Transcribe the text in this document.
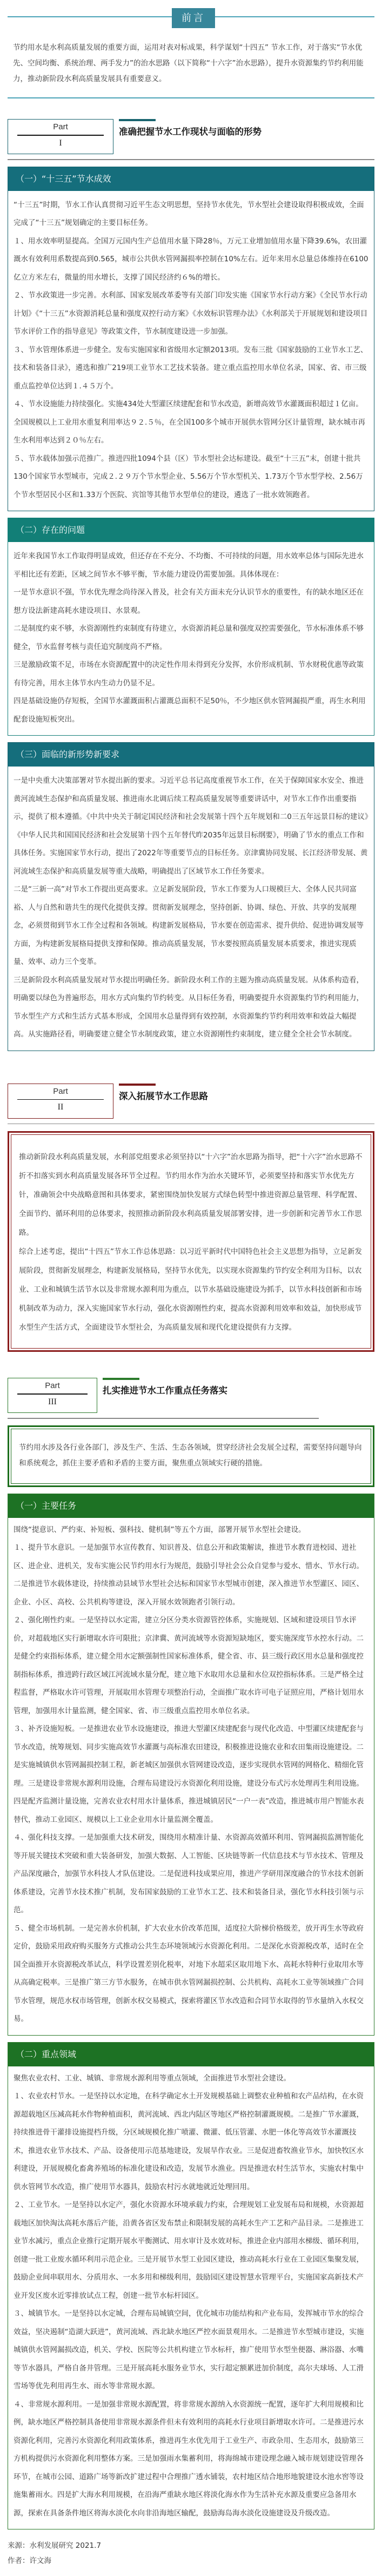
前言
节约用水是水利高质量发展的重要方面，运用对表对标成果，科学谋划“十四五” 节水工作，对于落实“节水优先、空间均衡、系统治理、两手发力”的治水思路（以下简称“十六字”治水思路），提升水资源集约节约利用能力，推动新阶段水利高质量发展具有重要意义。
Part
I
准确把握节水工作现状与面临的形势
（一）“十三五”节水成效

“十三五”时期，节水工作认真贯彻习近平生态文明思想，坚持节水优先，节水型社会建设取得积极成效，全面完成了“十三五”规划确定的主要目标任务。

１、用水效率明显提高。全国万元国内生产总值用水量下降28％，万元工业增加值用水量下降39.6%，农田灌溉水有效利用系数提高到0.565，城市公共供水管网漏损率控制在10%左右。近年来用水总量总体维持在6100亿立方米左右，微量的用水增长，支撑了国民经济约６%的增长。

２、节水政策进一步完善。水利部、国家发展改革委等有关部门印发实施《国家节水行动方案》《全民节水行动计划》《“十三五”水资源消耗总量和强度双控行动方案》《水效标识管理办法》《水利部关于开展规划和建设项目节水评价工作的指导意见》等政策文件，节水制度建设进一步加强。

３、节水管理体系进一步健全。发布实施国家和省级用水定额2013项。发布三批《国家鼓励的工业节水工艺、技术和装备目录》，遴选和推广219项工业节水工艺技术装备。建立重点监控用水单位名录，国家、省、市三级重点监控单位达到１.４５万个。

４、节水设施能力持续强化。实施434处大型灌区续建配套和节水改造，新增高效节水灌溉面积超过１亿亩。全国规模以上工业用水重复利用率达９２.５％，在全国100多个城市开展供水管网分区计量管理，缺水城市再生水利用率达到２０％左右。

５、节水载体加强示范推广。推进四批1094个县（区）节水型社会达标建设。截至“十三五”末，创建十批共130个国家节水型城市，完成２.２９万个节水型企业、5.56万个节水型机关、1.73万个节水型学校、2.56万个节水型居民小区和1.33万个医院、宾馆等其他节水型单位的建设，遴选了一批水效领跑者。

（二）存在的问题

近年来我国节水工作取得明显成效，但还存在不充分、不均衡、不可持续的问题，用水效率总体与国际先进水平相比还有差距，区域之间节水不够平衡，节水能力建设仍需要加强。具体体现在：

一是节水意识不强，节水优先理念尚待深入普及，社会有关方面未充分认识节水的重要性，有的缺水地区还在想方设法新建高耗水建设项目、水景观。

二是制度约束不够，水资源刚性约束制度有待建立，水资源消耗总量和强度双控需要强化，节水标准体系不够健全，节水监督考核与责任追究制度尚不严格。

三是激励政策不足，市场在水资源配置中的决定性作用未得到充分发挥，水价形成机制、节水财税优惠等政策有待完善，用水主体节水内生动力仍显不足。

四是基础设施仍存短板，全国节水灌溉面积占灌溉总面积不足50％，不少地区供水管网漏损严重，再生水利用配套设施短板突出。

（三）面临的新形势新要求

一是中央重大决策部署对节水提出新的要求。习近平总书记高度重视节水工作，在关于保障国家水安全、推进黄河流域生态保护和高质量发展、推进南水北调后续工程高质量发展等重要讲话中，对节水工作作出重要指示，提供了根本遵循。《中共中央关于制定国民经济和社会发展第十四个五年规划和二0三五年远景目标的建议》《中华人民共和国国民经济和社会发展第十四个五年替代昨2035年远景目标纲要》，明确了节水的重点工作和具体任务。实施国家节水行动，提出了2022年等重要节点的目标任务。京津冀协同发展、长江经济带发展、黄河流域生态保护和高质量发展等重大战略，明确提出了区域节水工作任务要求。

二是“三新一高”对节水工作提出更高要求。立足新发展阶段，节水工作要为人口规模巨大、全体人民共同富裕、人与自然和谐共生的现代化提供支撑。贯彻新发展理念，坚持创新、协调、绿色、开放、共享的发展理念，必须贯彻到节水工作全过程和各领域。构建新发展格局，节水要在创造需求、提升供给、促进协调发展等方面，为构建新发展格局提供支撑和保障。推动高质量发展，节水要按照高质量发展本质要求，推进实现质量、效率、动力三个变革。

三是新阶段水利高质量发展对节水提出明确任务。新阶段水利工作的主题为推动高质量发展。从体系构造看，明确要以绿色为普遍形态，用水方式向集约节约转变。从目标任务看，明确要提升水资源集约节约利用能力，节水型生产方式和生活方式基本形成，全国用水总量得到有效控制，水资源集约节约利用效率和效益大幅提高。从实施路径看，明确要建立健全节水制度政策，建立水资源刚性约束制度，建立健全全社会节水制度。

Part
II
深入拓展节水工作思路

推动新阶段水利高质量发展，水利部党组要求必须坚持以“十六字”治水思路为指导，把“十六字”治水思路不折不扣落实到水利高质量发展各环节全过程。节约用水作为治水关键环节，必须要坚持和落实节水优先方针，准确领会中央战略意图和具体要求，紧密围绕加快发展方式绿色转型中推进资源总量管理、科学配置、全面节约、循环利用的总体要求，按照推动新阶段水利高质量发展部署安排，进一步创新和完善节水工作思路。

综合上述考虑，提出“十四五”节水工作总体思路：以习近平新时代中国特色社会主义思想为指导，立足新发展阶段，贯彻新发展理念，构建新发展格局，坚持节水优先，以实现水资源集约节约安全利用为目标，以农业、工业和城镇生活节水以及非常规水源利用为重点，以节水基础设施建设为抓手，以节水科技创新和市场机制改革为动力，深入实施国家节水行动，强化水资源刚性约束，提高水资源利用效率和效益，加快形成节水型生产生活方式，全面建设节水型社会，为高质量发展和现代化建设提供有力支撑。

Part
III
扎实推进节水工作重点任务落实
节约用水涉及各行业各部门，涉及生产、生活、生态各领域，贯穿经济社会发展全过程，需要坚持问题导向和系统观念，抓住主要矛盾和矛盾的主要方面，聚焦重点领域实行硬的措施。
（一）主要任务

围绕“提意识、严约束、补短板、强科技、健机制”等五个方面，部署开展节水型社会建设。

１、提升节水意识。一是加强节水宣传教育、知识普及、信息公开和政策解读，推进节水教育进校园、进社区、进企业、进机关，发布实施公民节约用水行为规范，鼓励引导社会公众自觉参与爱水、惜水、节水行动。二是推进节水载体建设，持续推动县域节水型社会达标和国家节水型城市创建，深入推进节水型灌区、园区、企业、小区、高校、公共机构等建设，深入开展水效领跑者引领行动。

２、强化刚性约束。一是坚持以水定需，建立分区分类水资源管控体系，实施规划、区域和建设项目节水评价，对超载地区实行新增取水许可限批；京津冀、黄河流域等水资源短缺地区，要实施深度节水控水行动。二是健全约束指标体系，建立健全用水定额强制性国家标准体系，健全省、市、县三级行政区用水总量和强度控制指标体系，推进跨行政区域江河流域水量分配，建立地下水取用水总量和水位双控指标体系。三是严格全过程监督，严格取水许可管理，开展取用水管理专项整治行动，全面推广取水许可电子证照应用，严格计划用水管理，加强用水计量监测，健全国家、省、市三级重点监控用水单位名录。

３、补齐设施短板。一是推进农业节水设施建设，推进大型灌区续建配套与现代化改造、中型灌区续建配套与节水改造，统筹规划、同步实施高效节水灌溉与高标准农田建设，积极推进设施农业和农田集雨设施建设。二是实施城镇供水管网漏损控制工程，新老城区加强供水管网建设改造，逐步实现供水管网的网格化、精细化管理。三是建设非常规水源利用设施，合理布局建设污水资源化利用设施，建设分布式污水处理再生利用设施。四是配齐监测计量设施，完善农业农村用水计量体系，推进城镇居民“一户一表”改造，推进城市用户智能水表替代，推动工业园区、规模以上工业企业用水计量监测全覆盖。

４、强化科技支撑。一是加强重大技术研发，围绕用水精准计量、水资源高效循环利用、管网漏损监测智能化等开展关键技术突破和重大装备研发，加强大数据、人工智能、区块链等新一代信息技术与节水技术、管理及产品深度融合，加强节水科技人才队伍建设。二是促进科技成果应用，推进产学研用深度融合的节水技术创新体系建设，完善节水技术推广机制，发布国家鼓励的工业节水工艺、技术和装备目录，强化节水科技引领与示范。

５、健全市场机制。一是完善水价机制，扩大农业水价改革范围，适度拉大阶梯价格级差，放开再生水等政府定价，鼓励采用政府购买服务方式推动公共生态环境领域污水资源化利用。二是深化水资源税改革，适时在全国全面推开水资源税改革试点，科学设置差别化税率，对地下水超采区取用地下水、高耗水特种行业取用水等从高确定税率。三是推广第三方节水服务，在城市供水管网漏损控制、公共机构、高耗水工业等领域推广合同节水管理，规范水权市场管理，创新水权交易模式，探索将灌区节水改造和合同节水取得的节水量纳入水权交易。

（二）重点领域

聚焦农业农村、工业、城镇、非常规水源利用等重点领域，全面推进节水型社会建设。

１、农业农村节水。一是坚持以水定地，在科学确定水土开发规模基础上调整农业种植和农产品结构，在水资源超载地区压减高耗水作物种植面积，黄河流域、西北内陆区等地区严格控制灌溉规模。二是推广节水灌溉，持续推进骨干灌排设施提档升级，分区域规模化推广喷灌、微灌、低压管灌、水肥一体化等高效节水灌溉技术，推进农业节水技术、产品、设备使用示范基地建设，发展旱作农业。三是促进畜牧渔业节水，加快牧区水利建设，开展规模化畜禽养殖场的标准化建设和改造，发展节水渔业。四是推进农村生活节水，实施农村集中供水管网节水改造，推广使用节水器具，鼓励农村污水就地就近处理回用。

２、工业节水。一是坚持以水定产，强化水资源水环境承载力约束，合理规划工业发展布局和规模，水资源超载地区加快淘汰高耗水落后产能，沿黄各省区发布禁止和限制发展的高耗水生产工艺和产品目录。二是推进工业节水减污，重点企业推行定期开展水平衡测试、用水审计及水效对标，推进企业内部用水梯级、循环利用，创建一批工业废水循环利用示范企业。三是开展节水型工业园区建设，推动高耗水行业在工业园区集聚发展，鼓励企业间串联用水、分质用水、一水多用和梯级利用，鼓励园区建设智慧水管理平台，实施国家高新技术产业开发区废水近零排放试点工程，创建一批节水标杆园区。

３、城镇节水。一是坚持以水定城，合理布局城镇空间，优化城市功能结构和产业布局，发挥城市节水的综合效益，坚决遏制“造湖大跃进”，黄河流域、西北缺水地区严控水面景观用水。二是推进节水型城市建设，实施城镇供水管网漏损改造，机关、学校、医院等公共机构建立节水标杆，推广使用节水型坐便器、淋浴器、水嘴等节水器具，严格自备井管理。三是开展高耗水服务业节水，实行超定额累进加价制度，高尔夫球场、人工滑雪场等优先利用再生水、雨水等非常规水源。

４、非常规水源利用。一是加强非常规水源配置，将非常规水源纳入水资源统一配置，逐年扩大利用规模和比例，缺水地区严格控制具备使用非常规水源条件但未有效利用的高耗水行业项目新增取水许可。二是推进污水资源化利用，完善污水资源化利用政策体系，推进再生水优先用于工业生产、市政杂用、生态用水，鼓励第三方机构提供污水资源化利用整体方案。三是加强雨水集蓄利用，将海绵城市建设理念融入城市规划建设管理各环节，在城市公园、道路广场等新改扩建过程中合理推广透水铺装，农村地区结合地形地貌建设水池水窖等设施集蓄雨水。四是扩大海水利用规模，在沿海严重缺水地区将淡化海水作为生活补充水源及重要应急备用水源，探索在具备条件地区将海水淡化水向非沿海地区输配，鼓励海岛海水淡化设施建设及升级改造。

来源：水利发展研究 2021.7
作者：许文海
